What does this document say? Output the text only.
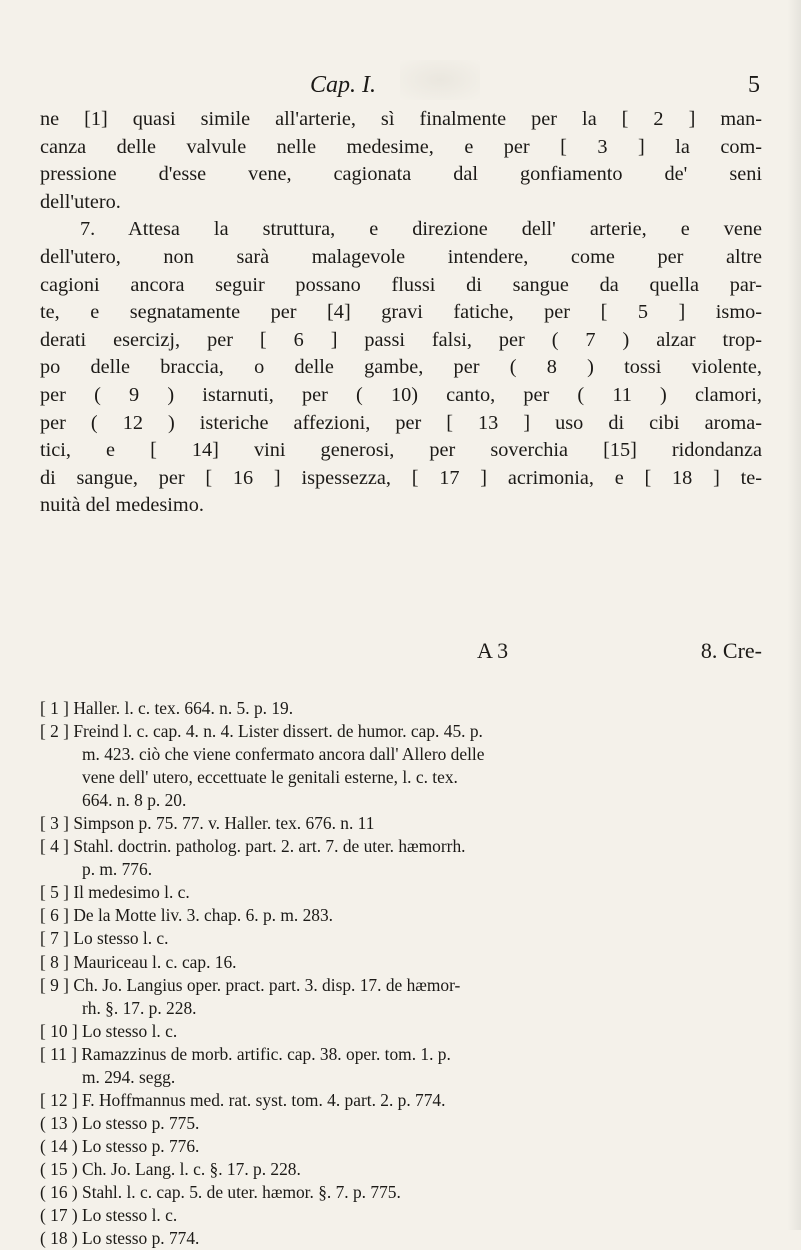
Cap. I.	5
ne [1] quasi simile all'arterie, sì finalmente per la [ 2 ] man-
canza delle valvule nelle medesime, e per [ 3 ] la com-
pressione d'esse vene, cagionata dal gonfiamento de' seni
dell'utero.
7. Attesa la struttura, e direzione dell' arterie, e vene
dell'utero, non sarà malagevole intendere, come per altre
cagioni ancora seguir possano flussi di sangue da quella par-
te, e segnatamente per [4] gravi fatiche, per [ 5 ] ismo-
derati esercizj, per [ 6 ] passi falsi, per ( 7 ) alzar trop-
po delle braccia, o delle gambe, per ( 8 ) tossi violente,
per ( 9 ) istarnuti, per ( 10) canto, per ( 11 ) clamori,
per ( 12 ) isteriche affezioni, per [ 13 ] uso di cibi aroma-
tici, e [ 14] vini generosi, per soverchia [15] ridondanza
di sangue, per [ 16 ] ispessezza, [ 17 ] acrimonia, e [ 18 ] te-
nuità del medesimo.
A 3	8. Cre-
[ 1 ] Haller. l. c. tex. 664. n. 5. p. 19.
[ 2 ] Freind l. c. cap. 4. n. 4. Lister dissert. de humor. cap. 45. p.
m. 423. ciò che viene confermato ancora dall' Allero delle
vene dell' utero, eccettuate le genitali esterne, l. c. tex.
664. n. 8 p. 20.
[ 3 ] Simpson p. 75. 77. v. Haller. tex. 676. n. 11
[ 4 ] Stahl. doctrin. patholog. part. 2. art. 7. de uter. hæmorrh.
p. m. 776.
[ 5 ] Il medesimo l. c.
[ 6 ] De la Motte liv. 3. chap. 6. p. m. 283.
[ 7 ] Lo stesso l. c.
[ 8 ] Mauriceau l. c. cap. 16.
[ 9 ] Ch. Jo. Langius oper. pract. part. 3. disp. 17. de hæmor-
rh. §. 17. p. 228.
[ 10 ] Lo stesso l. c.
[ 11 ] Ramazzinus de morb. artific. cap. 38. oper. tom. 1. p.
m. 294. segg.
[ 12 ] F. Hoffmannus med. rat. syst. tom. 4. part. 2. p. 774.
( 13 ) Lo stesso p. 775.
( 14 ) Lo stesso p. 776.
( 15 ) Ch. Jo. Lang. l. c. §. 17. p. 228.
( 16 ) Stahl. l. c. cap. 5. de uter. hæmor. §. 7. p. 775.
( 17 ) Lo stesso l. c.
( 18 ) Lo stesso p. 774.
